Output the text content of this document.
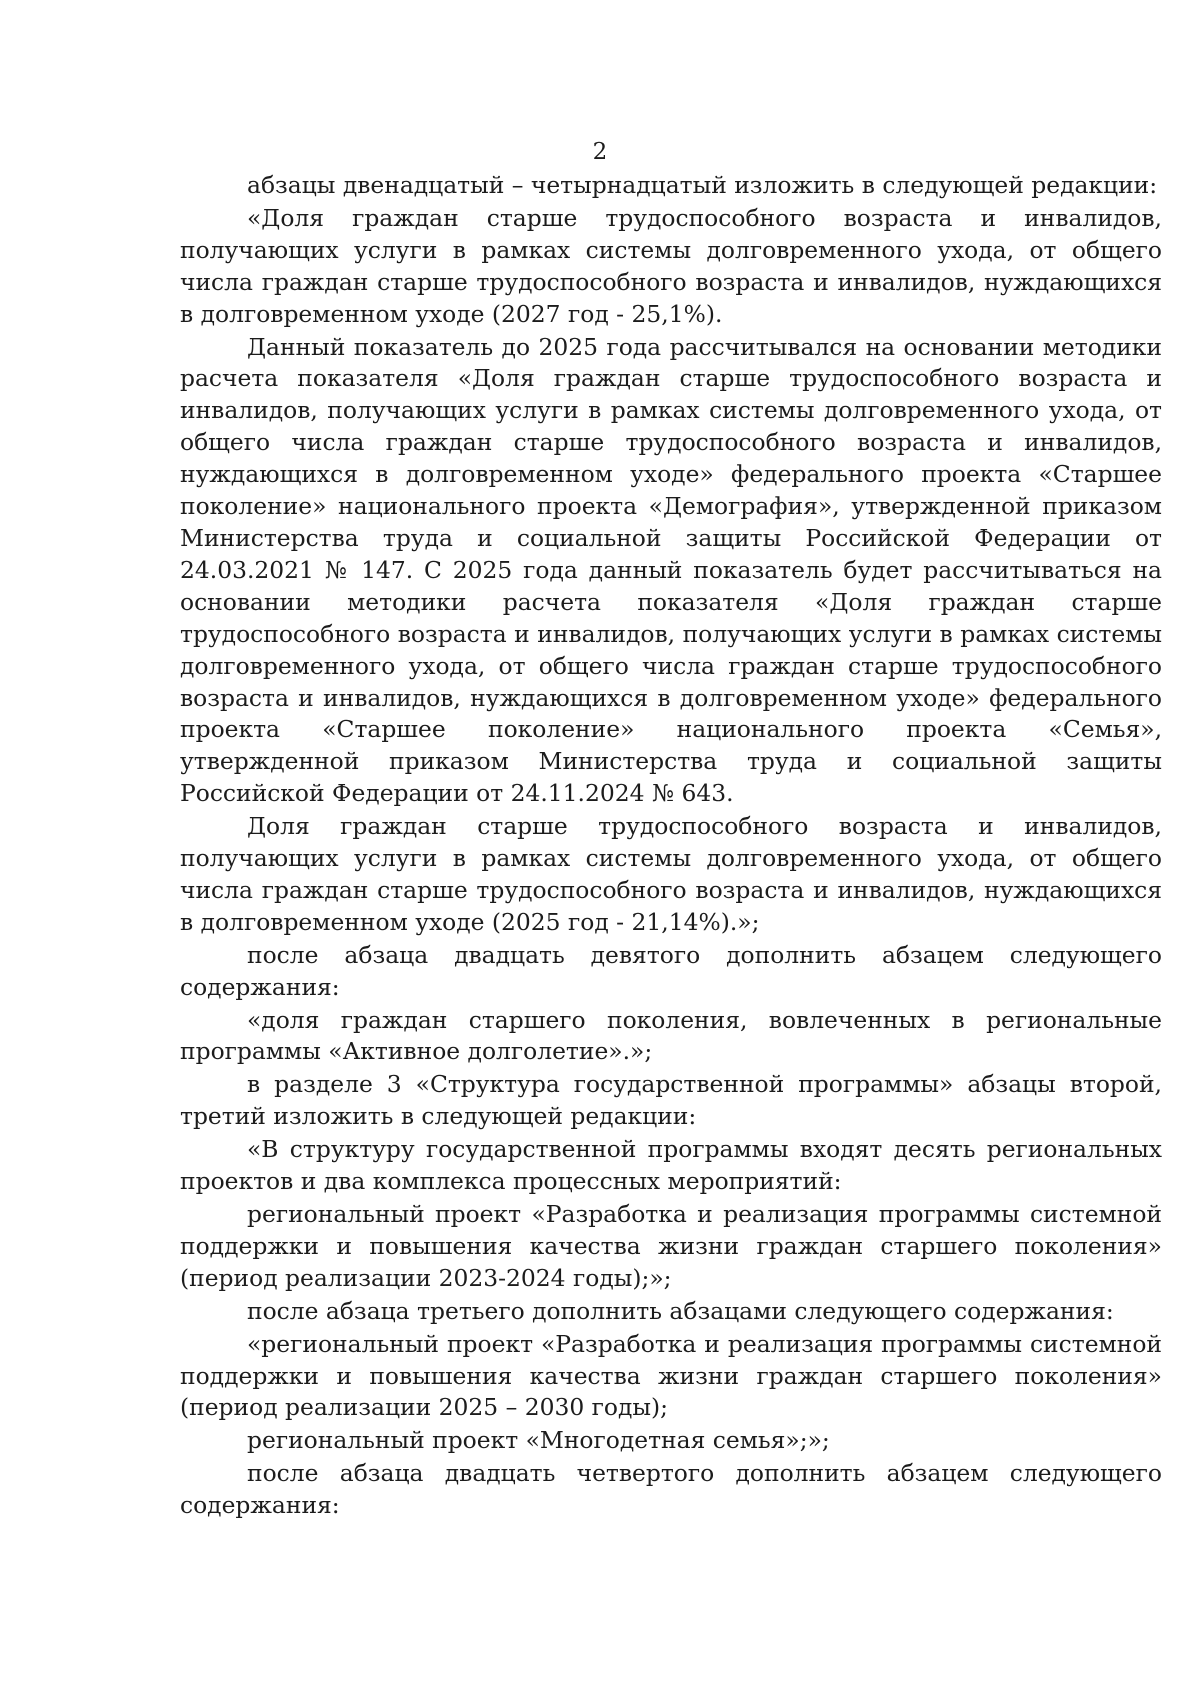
2

абзацы двенадцатый – четырнадцатый изложить в следующей редакции:

«Доля граждан старше трудоспособного возраста и инвалидов, получающих услуги в рамках системы долговременного ухода, от общего числа граждан старше трудоспособного возраста и инвалидов, нуждающихся в долговременном уходе (2027 год - 25,1%).

Данный показатель до 2025 года рассчитывался на основании методики расчета показателя «Доля граждан старше трудоспособного возраста и инвалидов, получающих услуги в рамках системы долговременного ухода, от общего числа граждан старше трудоспособного возраста и инвалидов, нуждающихся в долговременном уходе» федерального проекта «Старшее поколение» национального проекта «Демография», утвержденной приказом Министерства труда и социальной защиты Российской Федерации от 24.03.2021 № 147. С 2025 года данный показатель будет рассчитываться на основании методики расчета показателя «Доля граждан старше трудоспособного возраста и инвалидов, получающих услуги в рамках системы долговременного ухода, от общего числа граждан старше трудоспособного возраста и инвалидов, нуждающихся в долговременном уходе» федерального проекта «Старшее поколение» национального проекта «Семья», утвержденной приказом Министерства труда и социальной защиты Российской Федерации от 24.11.2024 № 643.

Доля граждан старше трудоспособного возраста и инвалидов, получающих услуги в рамках системы долговременного ухода, от общего числа граждан старше трудоспособного возраста и инвалидов, нуждающихся в долговременном уходе (2025 год - 21,14%).»;

после абзаца двадцать девятого дополнить абзацем следующего содержания:

«доля граждан старшего поколения, вовлеченных в региональные программы «Активное долголетие».»;

в разделе 3 «Структура государственной программы» абзацы второй, третий изложить в следующей редакции:

«В структуру государственной программы входят десять региональных проектов и два комплекса процессных мероприятий:

региональный проект «Разработка и реализация программы системной поддержки и повышения качества жизни граждан старшего поколения» (период реализации 2023-2024 годы);»;

после абзаца третьего дополнить абзацами следующего содержания:

«региональный проект «Разработка и реализация программы системной поддержки и повышения качества жизни граждан старшего поколения» (период реализации 2025 – 2030 годы);

региональный проект «Многодетная семья»;»;

после абзаца двадцать четвертого дополнить абзацем следующего содержания:
